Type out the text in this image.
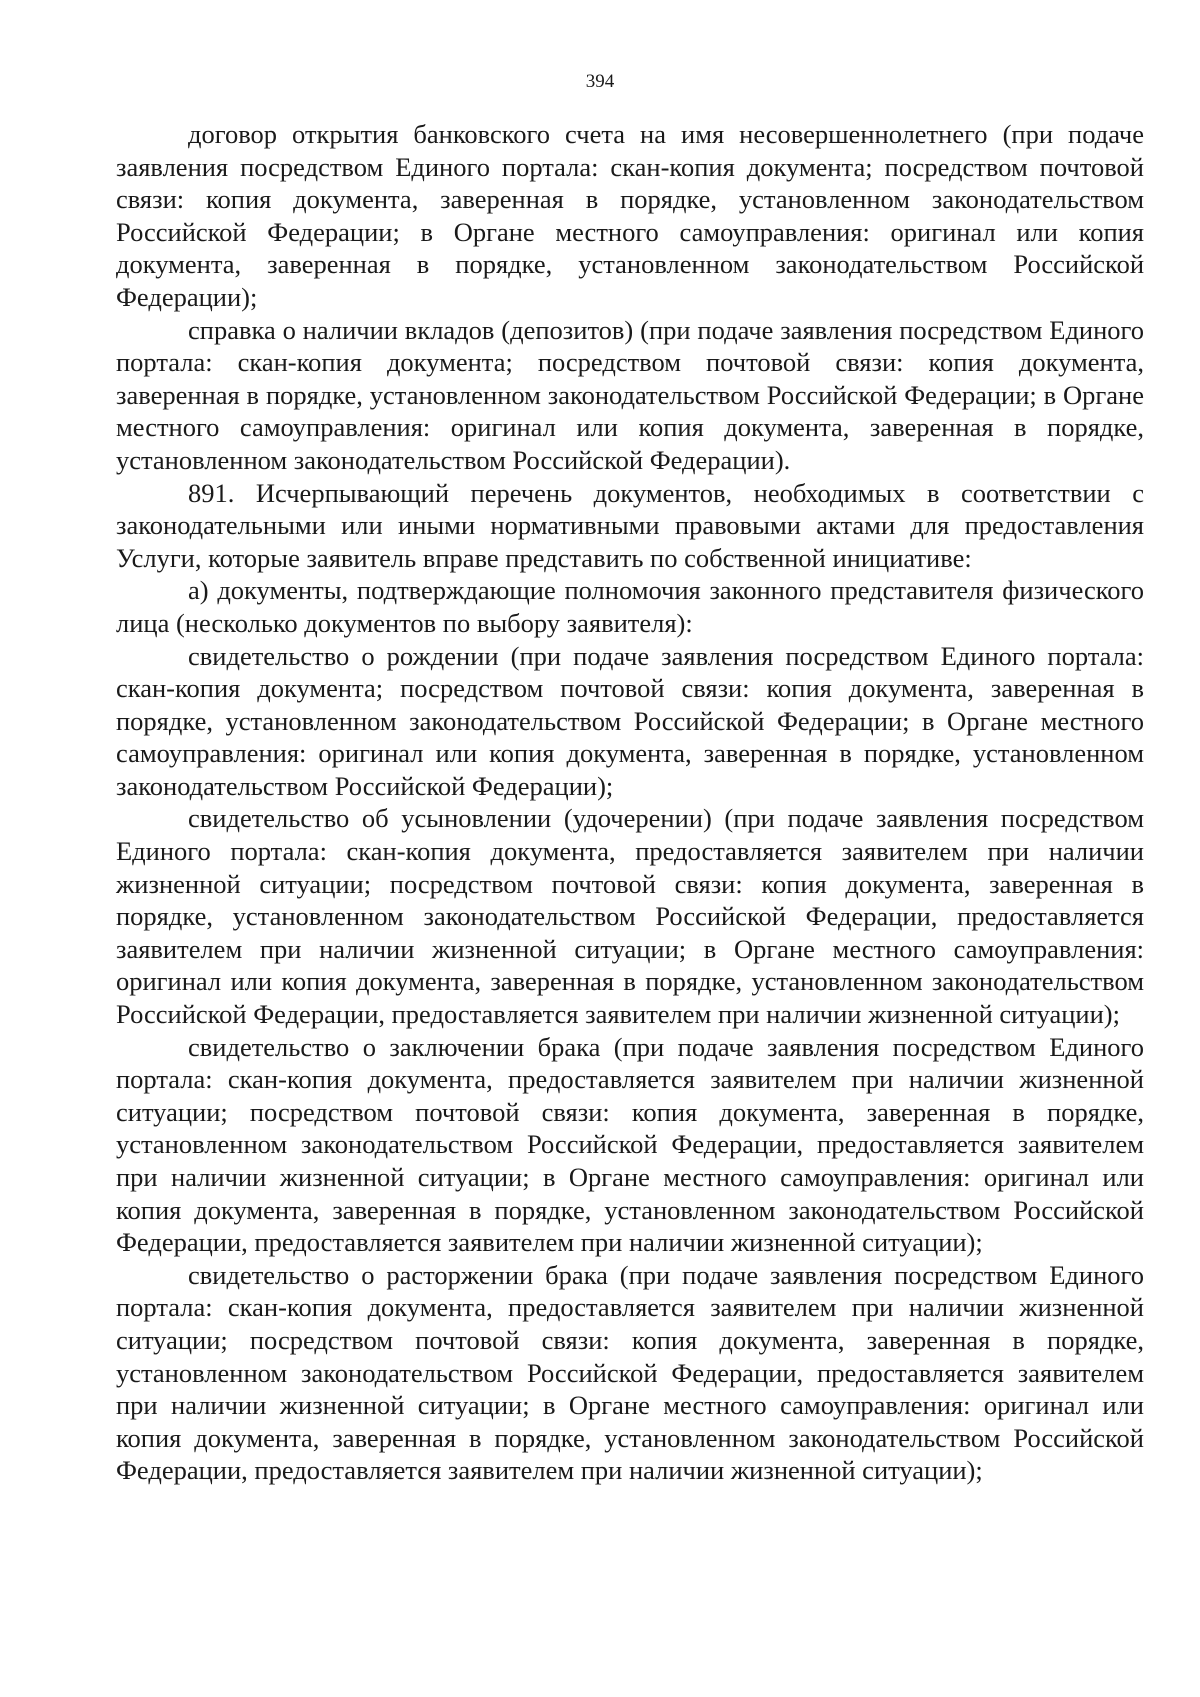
394

договор открытия банковского счета на имя несовершеннолетнего (при подаче заявления посредством Единого портала: скан-копия документа; посредством почтовой связи: копия документа, заверенная в порядке, установленном законодательством Российской Федерации; в Органе местного самоуправления: оригинал или копия документа, заверенная в порядке, установленном законодательством Российской Федерации);

справка о наличии вкладов (депозитов) (при подаче заявления посредством Единого портала: скан-копия документа; посредством почтовой связи: копия документа, заверенная в порядке, установленном законодательством Российской Федерации; в Органе местного самоуправления: оригинал или копия документа, заверенная в порядке, установленном законодательством Российской Федерации).

891. Исчерпывающий перечень документов, необходимых в соответствии с законодательными или иными нормативными правовыми актами для предоставления Услуги, которые заявитель вправе представить по собственной инициативе:

а) документы, подтверждающие полномочия законного представителя физического лица (несколько документов по выбору заявителя):

свидетельство о рождении (при подаче заявления посредством Единого портала: скан-копия документа; посредством почтовой связи: копия документа, заверенная в порядке, установленном законодательством Российской Федерации; в Органе местного самоуправления: оригинал или копия документа, заверенная в порядке, установленном законодательством Российской Федерации);

свидетельство об усыновлении (удочерении) (при подаче заявления посредством Единого портала: скан-копия документа, предоставляется заявителем при наличии жизненной ситуации; посредством почтовой связи: копия документа, заверенная в порядке, установленном законодательством Российской Федерации, предоставляется заявителем при наличии жизненной ситуации; в Органе местного самоуправления: оригинал или копия документа, заверенная в порядке, установленном законодательством Российской Федерации, предоставляется заявителем при наличии жизненной ситуации);

свидетельство о заключении брака (при подаче заявления посредством Единого портала: скан-копия документа, предоставляется заявителем при наличии жизненной ситуации; посредством почтовой связи: копия документа, заверенная в порядке, установленном законодательством Российской Федерации, предоставляется заявителем при наличии жизненной ситуации; в Органе местного самоуправления: оригинал или копия документа, заверенная в порядке, установленном законодательством Российской Федерации, предоставляется заявителем при наличии жизненной ситуации);

свидетельство о расторжении брака (при подаче заявления посредством Единого портала: скан-копия документа, предоставляется заявителем при наличии жизненной ситуации; посредством почтовой связи: копия документа, заверенная в порядке, установленном законодательством Российской Федерации, предоставляется заявителем при наличии жизненной ситуации; в Органе местного самоуправления: оригинал или копия документа, заверенная в порядке, установленном законодательством Российской Федерации, предоставляется заявителем при наличии жизненной ситуации);
